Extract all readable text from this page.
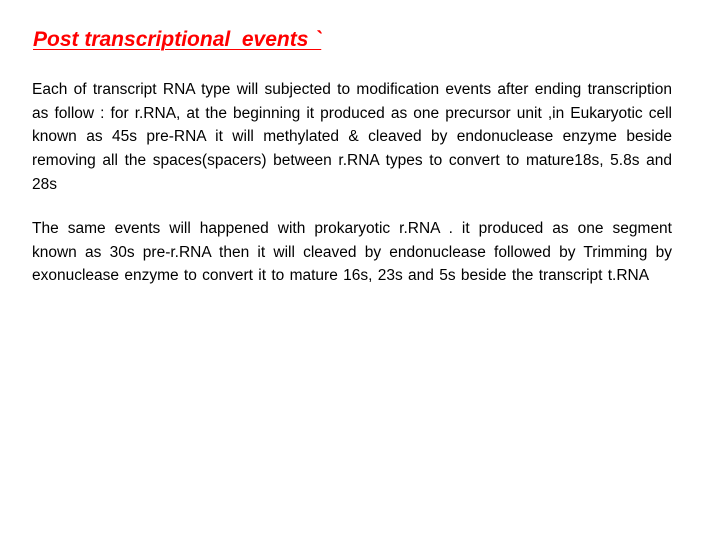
Post transcriptional  events `

Each of transcript RNA type will subjected to modification events after ending transcription as follow : for r.RNA, at the beginning it produced as one precursor unit ,in Eukaryotic cell known as 45s pre-RNA it will methylated & cleaved by endonuclease enzyme beside removing all the spaces(spacers) between r.RNA types to convert to mature18s, 5.8s and 28s

The same events will happened with prokaryotic r.RNA . it produced as one segment known as 30s pre-r.RNA then it will cleaved by endonuclease followed by Trimming by exonuclease enzyme to convert it to mature 16s, 23s and 5s beside the transcript t.RNA
